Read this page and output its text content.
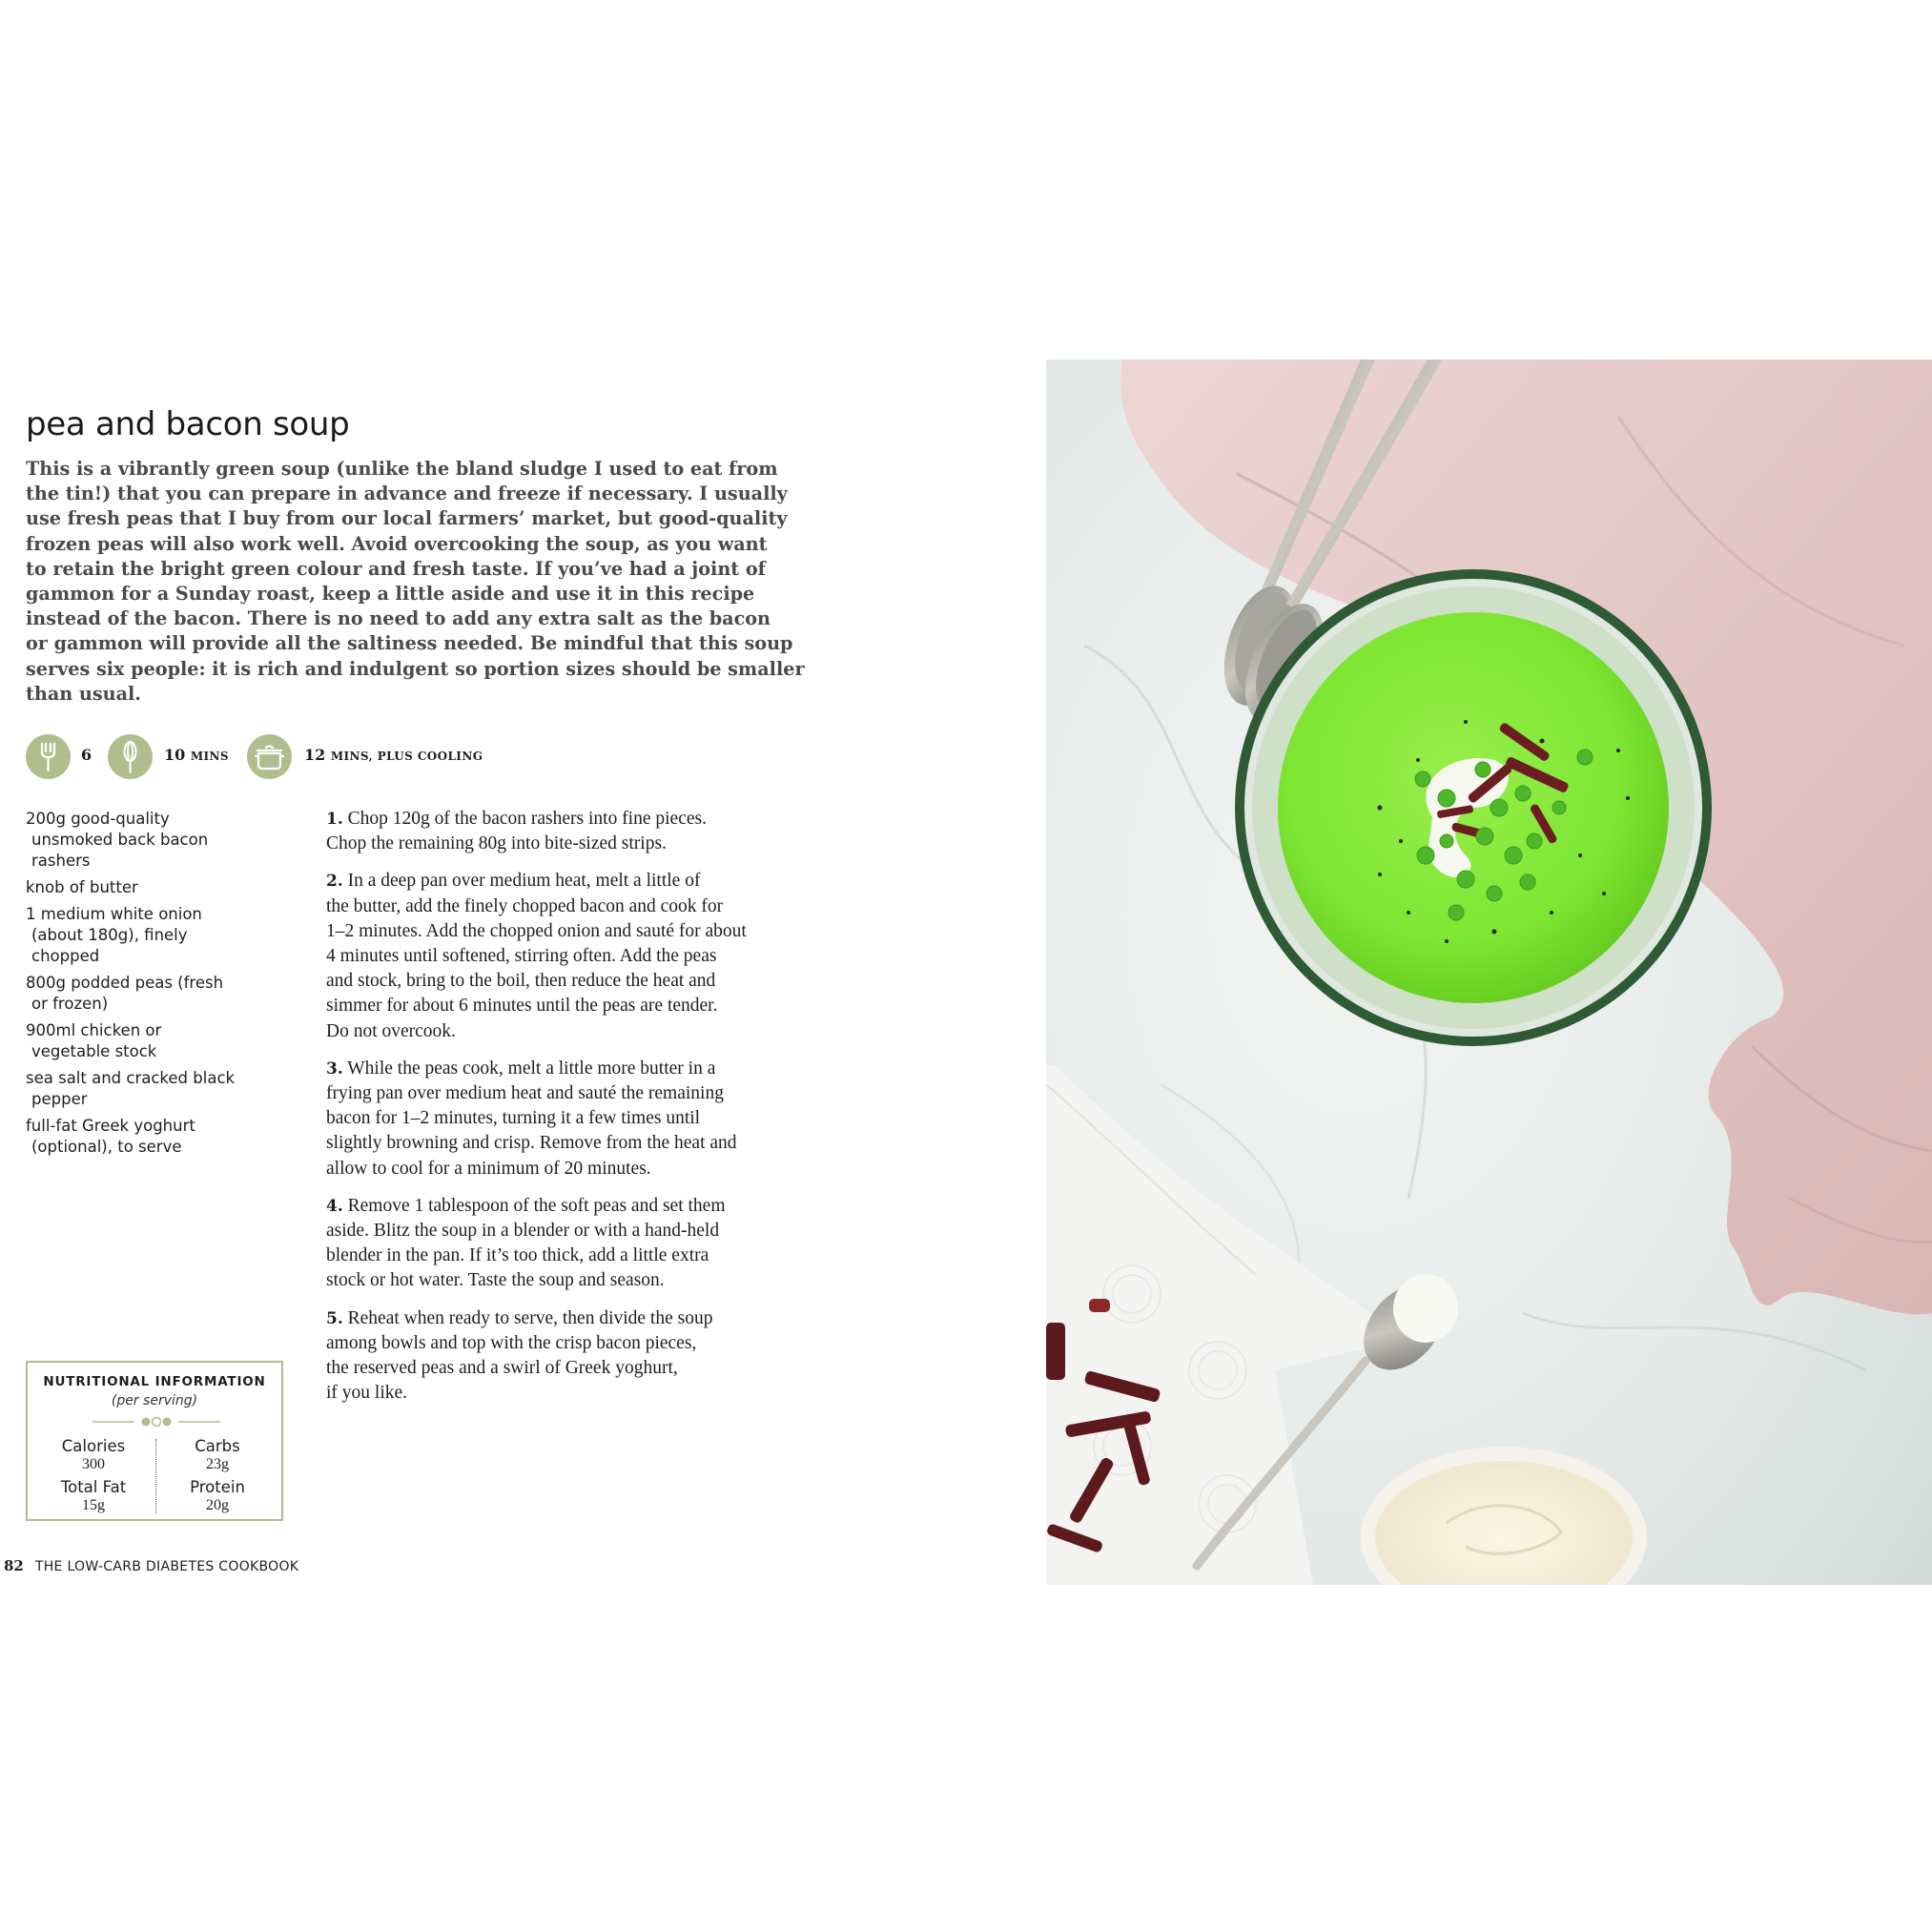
pea and bacon soup

This is a vibrantly green soup (unlike the bland sludge I used to eat from
the tin!) that you can prepare in advance and freeze if necessary. I usually
use fresh peas that I buy from our local farmers’ market, but good-quality
frozen peas will also work well. Avoid overcooking the soup, as you want
to retain the bright green colour and fresh taste. If you’ve had a joint of
gammon for a Sunday roast, keep a little aside and use it in this recipe
instead of the bacon. There is no need to add any extra salt as the bacon
or gammon will provide all the saltiness needed. Be mindful that this soup
serves six people: it is rich and indulgent so portion sizes should be smaller
than usual.

6	10 MINS	12 MINS, PLUS COOLING
200g good-quality
unsmoked back bacon
rashers
knob of butter
1 medium white onion
(about 180g), finely
chopped
800g podded peas (fresh
or frozen)
900ml chicken or
vegetable stock
sea salt and cracked black
pepper
full-fat Greek yoghurt
(optional), to serve
1. Chop 120g of the bacon rashers into fine pieces.
Chop the remaining 80g into bite-sized strips.
2. In a deep pan over medium heat, melt a little of
the butter, add the finely chopped bacon and cook for
1–2 minutes. Add the chopped onion and sauté for about
4 minutes until softened, stirring often. Add the peas
and stock, bring to the boil, then reduce the heat and
simmer for about 6 minutes until the peas are tender.
Do not overcook.
3. While the peas cook, melt a little more butter in a
frying pan over medium heat and sauté the remaining
bacon for 1–2 minutes, turning it a few times until
slightly browning and crisp. Remove from the heat and
allow to cool for a minimum of 20 minutes.
4. Remove 1 tablespoon of the soft peas and set them
aside. Blitz the soup in a blender or with a hand-held
blender in the pan. If it’s too thick, add a little extra
stock or hot water. Taste the soup and season.
5. Reheat when ready to serve, then divide the soup
among bowls and top with the crisp bacon pieces,
the reserved peas and a swirl of Greek yoghurt,
if you like.
NUTRITIONAL INFORMATION
(per serving)
Calories
300
Carbs
23g
Total Fat
15g
Protein
20g
82 THE LOW-CARB DIABETES COOKBOOK
